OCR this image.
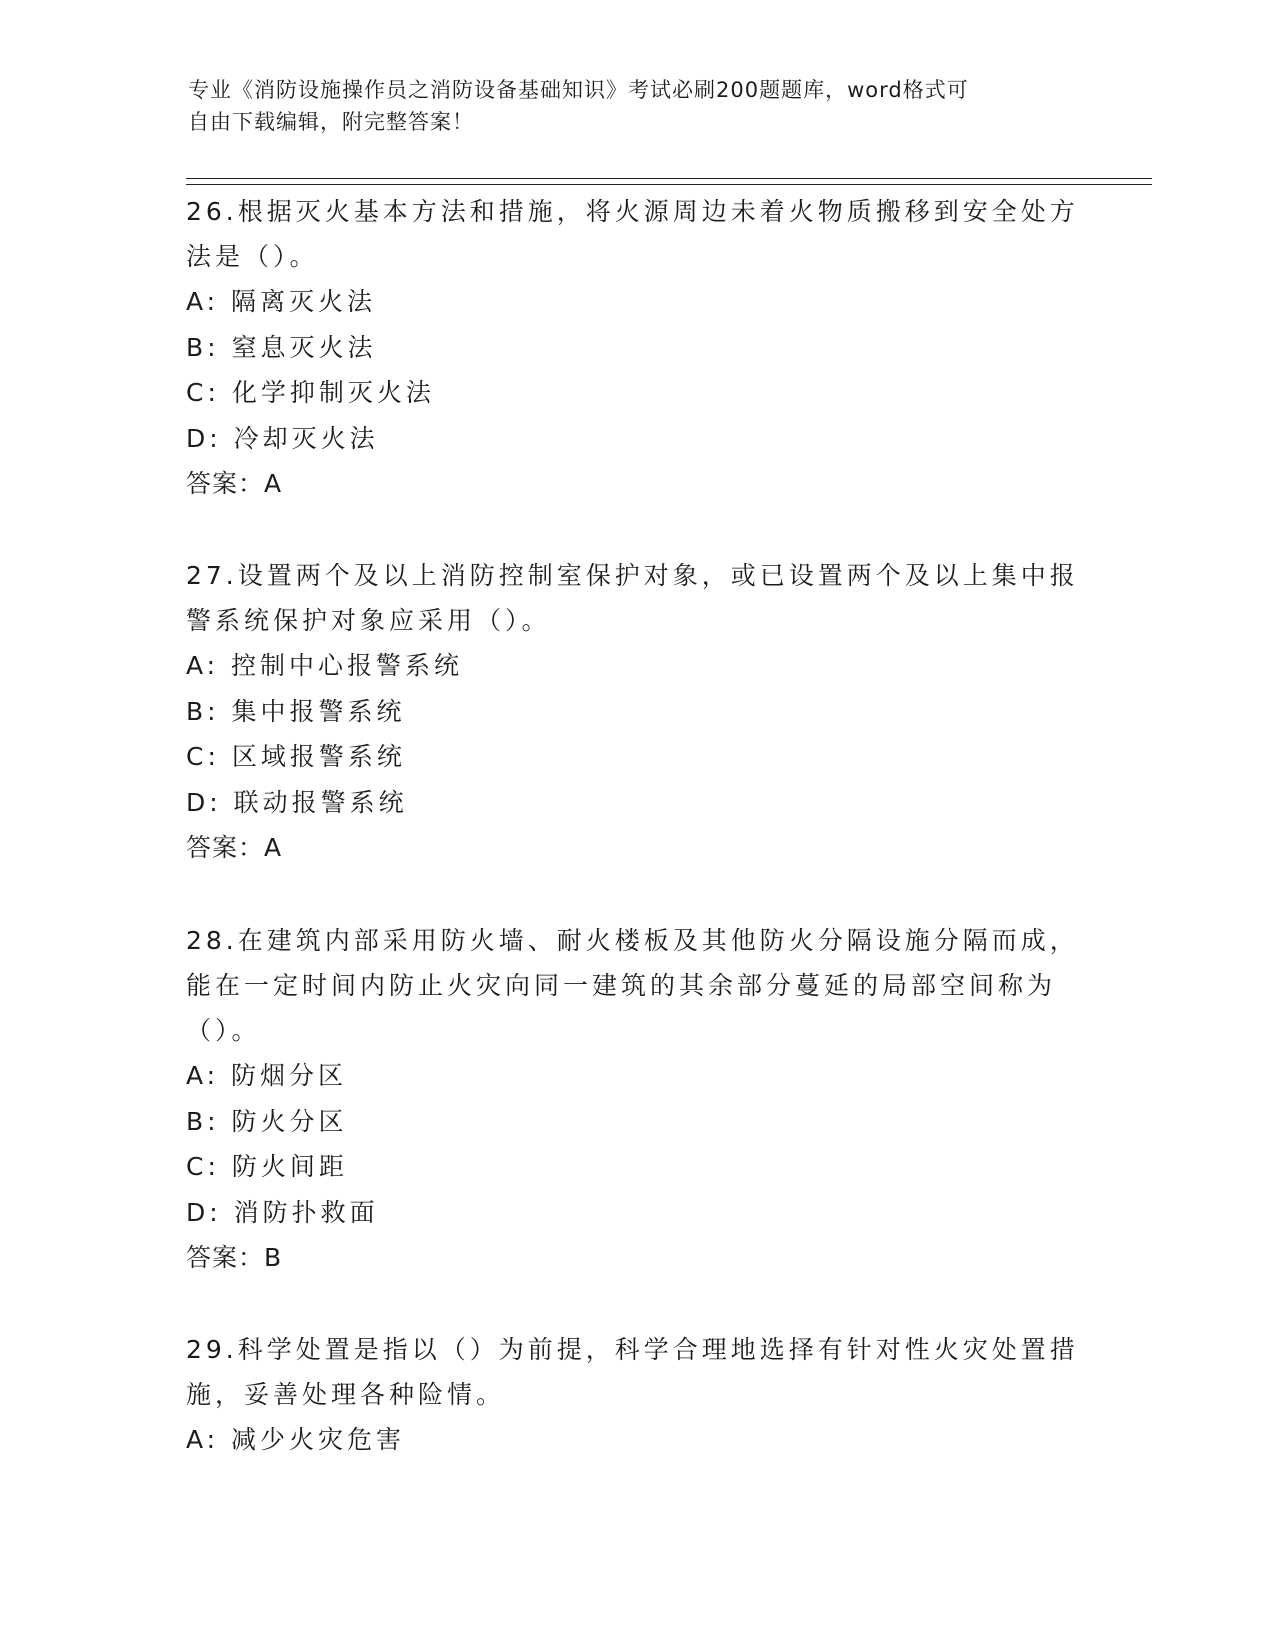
专业《消防设施操作员之消防设备基础知识》考试必刷200题题库，word格式可
自由下载编辑，附完整答案！

26.根据灭火基本方法和措施，将火源周边未着火物质搬移到安全处方

法是（）。

A: 隔离灭火法

B: 窒息灭火法

C: 化学抑制灭火法

D: 冷却灭火法

答案：A

27.设置两个及以上消防控制室保护对象，或已设置两个及以上集中报

警系统保护对象应采用（）。

A: 控制中心报警系统

B: 集中报警系统

C: 区域报警系统

D: 联动报警系统

答案：A

28.在建筑内部采用防火墙、耐火楼板及其他防火分隔设施分隔而成，

能在一定时间内防止火灾向同一建筑的其余部分蔓延的局部空间称为

（）。

A: 防烟分区

B: 防火分区

C: 防火间距

D: 消防扑救面

答案：B

29.科学处置是指以（）为前提，科学合理地选择有针对性火灾处置措

施，妥善处理各种险情。

A: 减少火灾危害
